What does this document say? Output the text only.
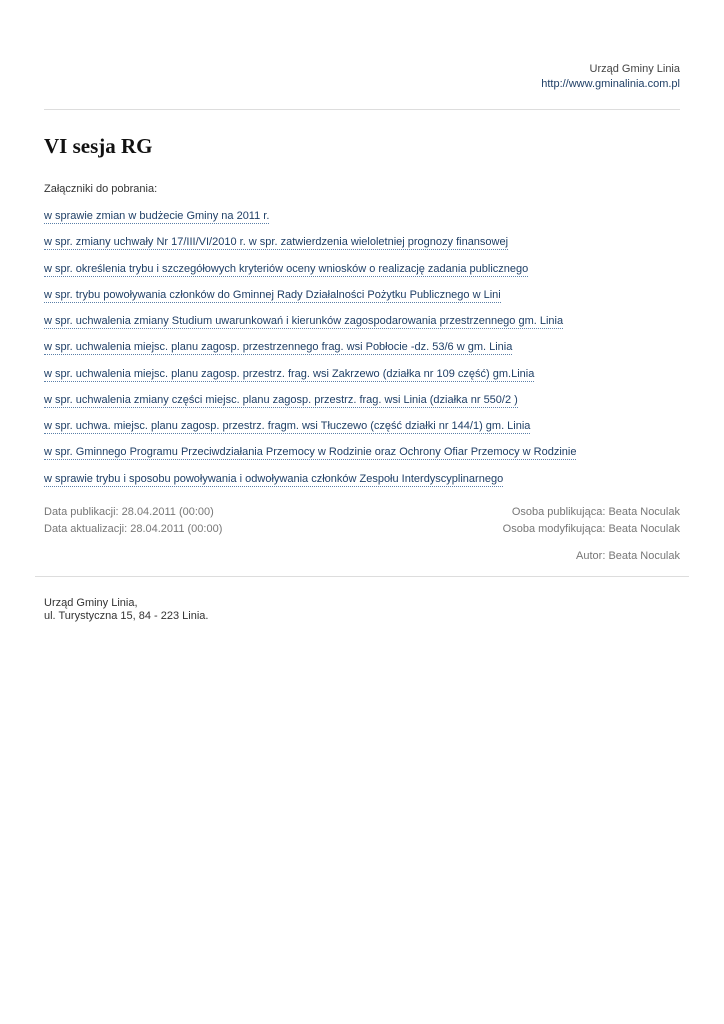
Urząd Gminy Linia
http://www.gminalinia.com.pl
VI sesja RG
Załączniki do pobrania:
w sprawie zmian w budżecie Gminy na 2011 r.
w spr. zmiany uchwały Nr 17/III/VI/2010 r. w spr. zatwierdzenia wieloletniej prognozy finansowej
w spr. określenia trybu i szczegółowych kryteriów oceny wniosków o realizację zadania publicznego
w spr. trybu powoływania członków do Gminnej Rady Działalności Pożytku Publicznego w Lini
w spr. uchwalenia zmiany Studium uwarunkowań i kierunków zagospodarowania przestrzennego gm. Linia
w spr. uchwalenia miejsc. planu zagosp. przestrzennego frag. wsi Pobłocie -dz. 53/6 w gm. Linia
w spr. uchwalenia miejsc. planu zagosp. przestrz. frag. wsi Zakrzewo (działka nr 109 część) gm.Linia
w spr. uchwalenia zmiany części miejsc. planu zagosp. przestrz. frag. wsi Linia (działka nr 550/2 )
w spr. uchwa. miejsc. planu zagosp. przestrz. fragm. wsi Tłuczewo (część działki nr 144/1) gm. Linia
w spr. Gminnego Programu Przeciwdziałania Przemocy w Rodzinie oraz Ochrony Ofiar Przemocy w Rodzinie
w sprawie trybu i sposobu powoływania i odwoływania członków Zespołu Interdyscyplinarnego
Data publikacji: 28.04.2011 (00:00)	Osoba publikująca: Beata Noculak
Data aktualizacji: 28.04.2011 (00:00)	Osoba modyfikująca: Beata Noculak
Autor: Beata Noculak
Urząd Gminy Linia,
ul. Turystyczna 15, 84 - 223 Linia.
